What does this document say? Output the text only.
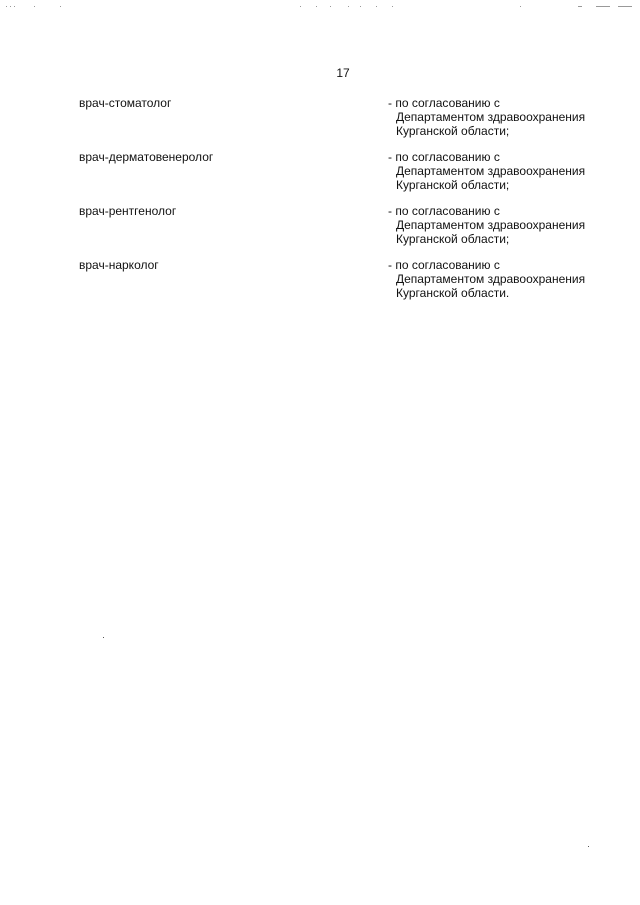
17
врач-стоматолог	- по согласованию с
Департаментом здравоохранения
Курганской области;
врач-дерматовенеролог	- по согласованию с
Департаментом здравоохранения
Курганской области;
врач-рентгенолог	- по согласованию с
Департаментом здравоохранения
Курганской области;
врач-нарколог	- по согласованию с
Департаментом здравоохранения
Курганской области.
